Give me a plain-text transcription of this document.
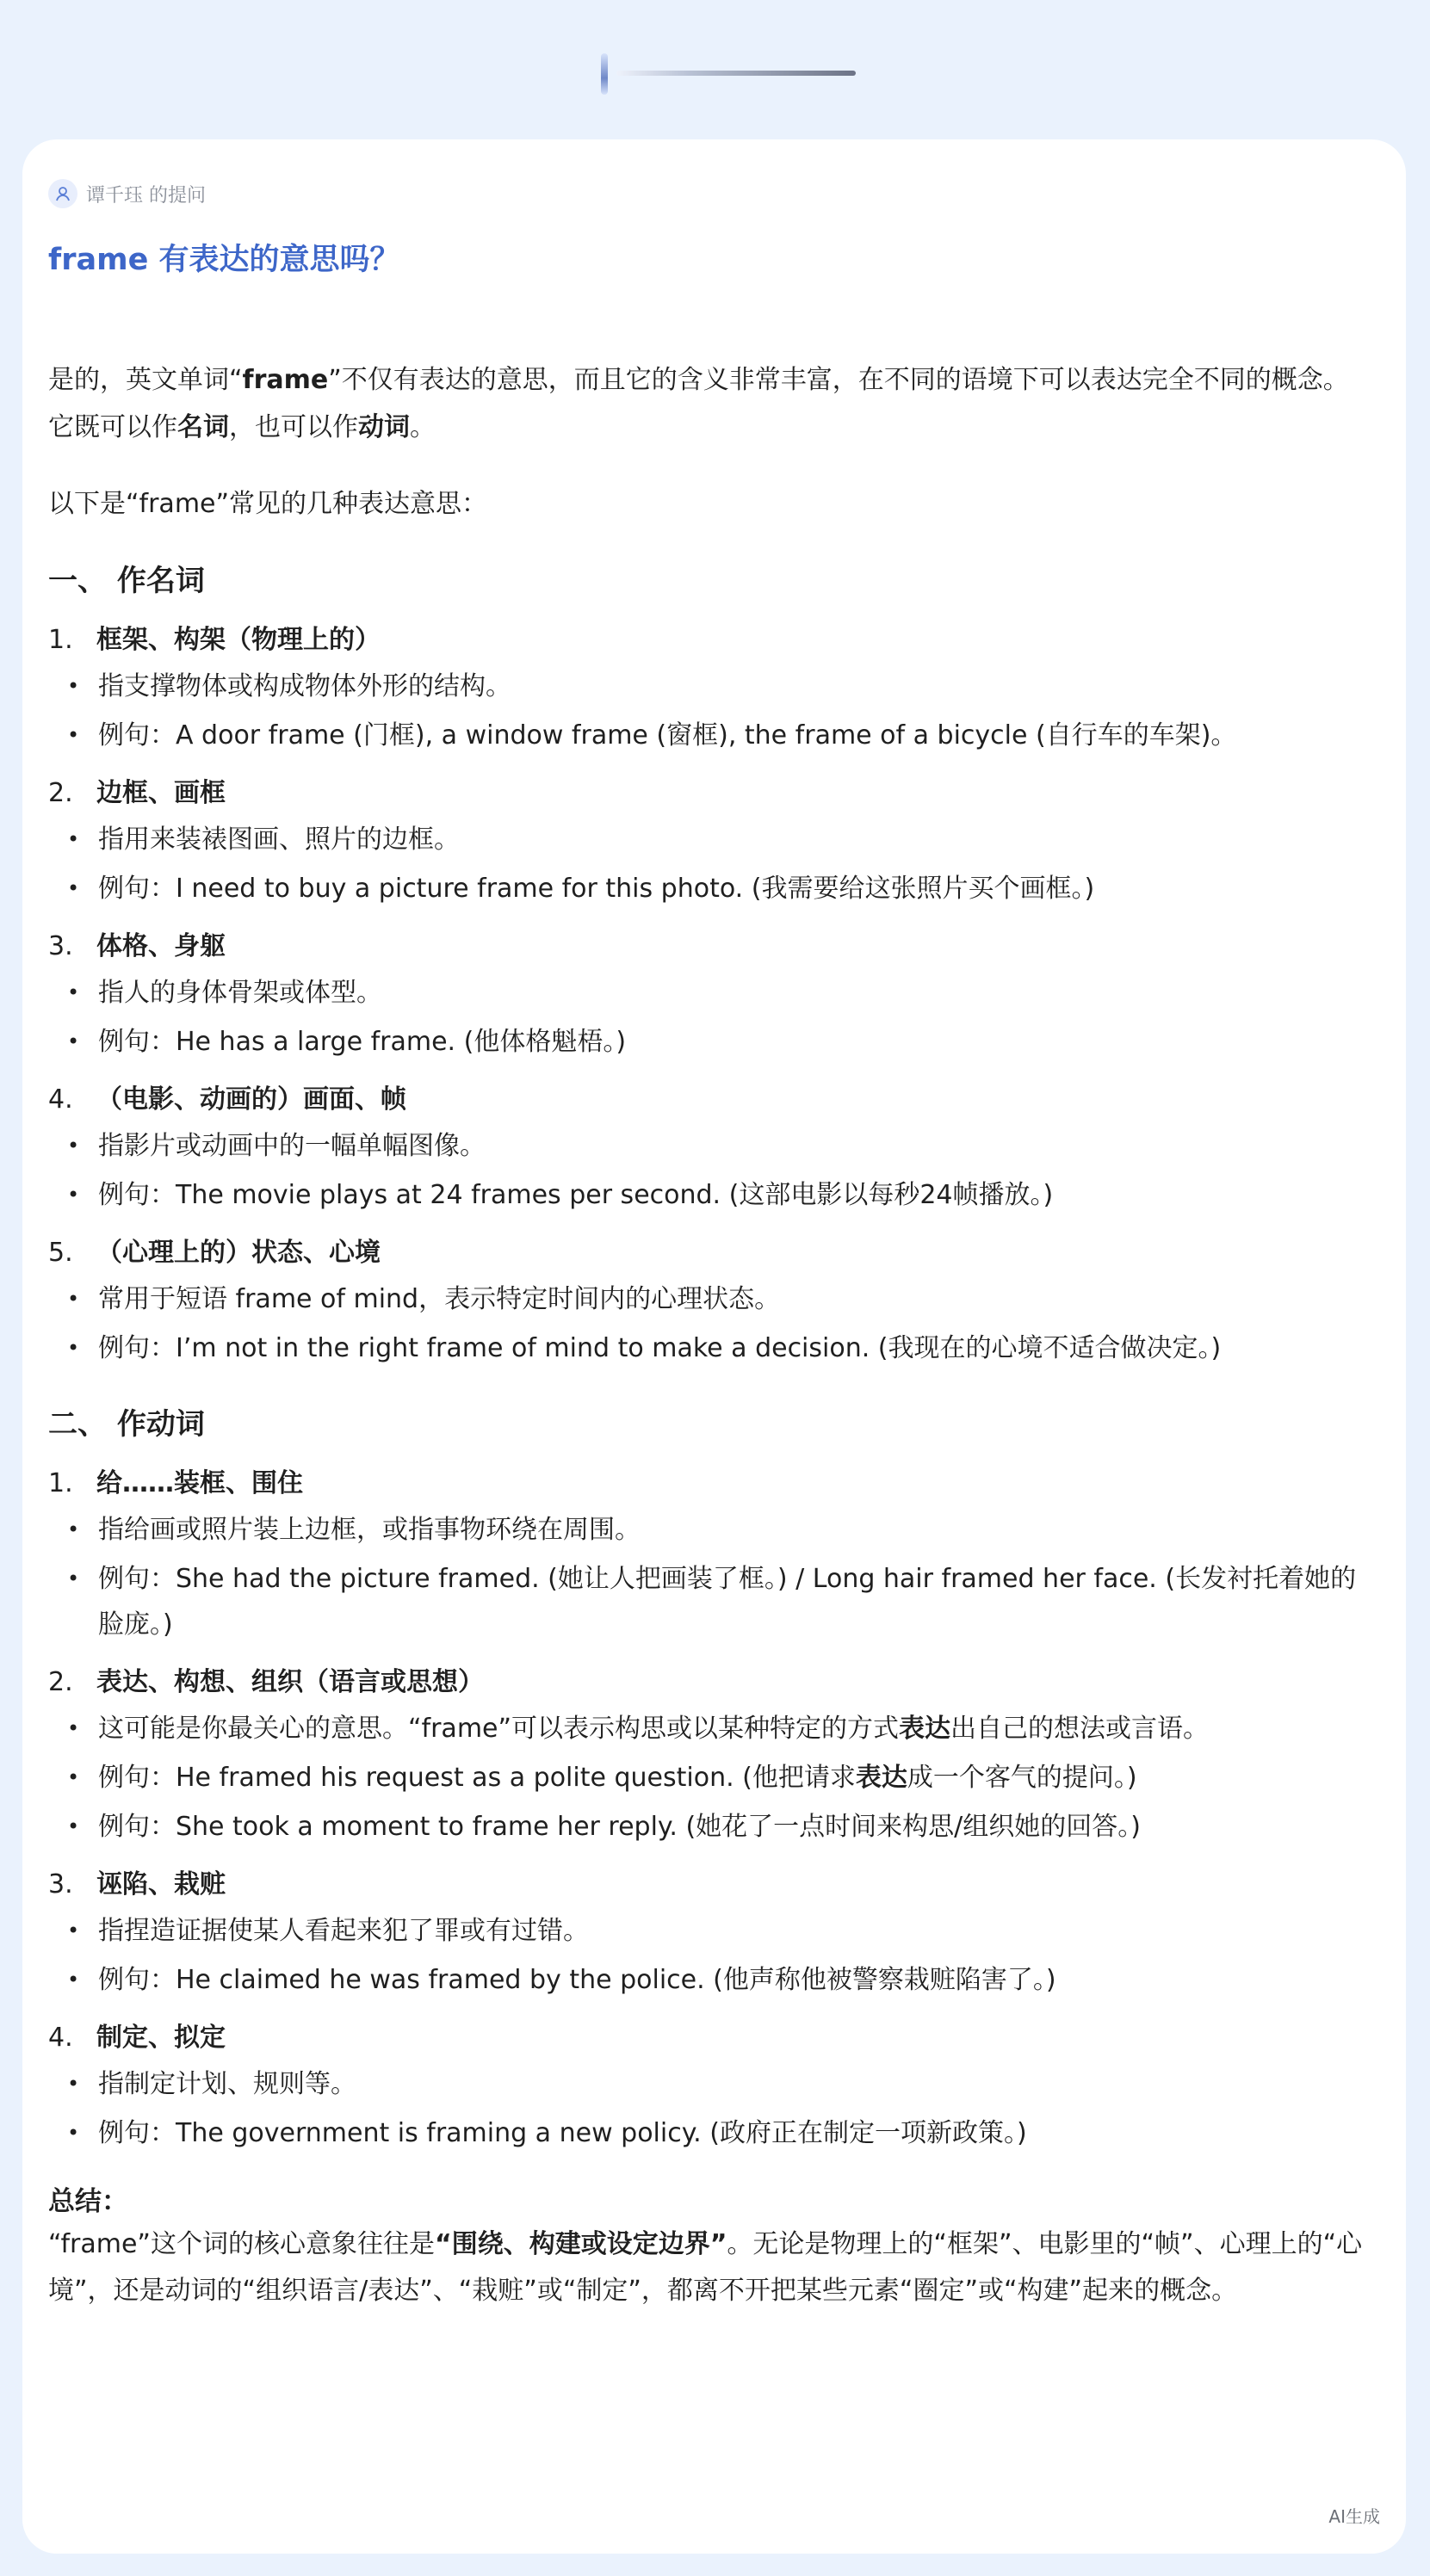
谭千珏 的提问
frame 有表达的意思吗？

是的，英文单词“frame”不仅有表达的意思，而且它的含义非常丰富，在不同的语境下可以表达完全不同的概念。它既可以作名词，也可以作动词。

以下是“frame”常见的几种表达意思：

一、 作名词
1. 框架、构架（物理上的）
• 指支撑物体或构成物体外形的结构。
• 例句：A door frame (门框), a window frame (窗框), the frame of a bicycle (自行车的车架)。
2. 边框、画框
• 指用来装裱图画、照片的边框。
• 例句：I need to buy a picture frame for this photo. (我需要给这张照片买个画框。)
3. 体格、身躯
• 指人的身体骨架或体型。
• 例句：He has a large frame. (他体格魁梧。)
4. （电影、动画的）画面、帧
• 指影片或动画中的一幅单幅图像。
• 例句：The movie plays at 24 frames per second. (这部电影以每秒24帧播放。)
5. （心理上的）状态、心境
• 常用于短语 frame of mind，表示特定时间内的心理状态。
• 例句：I’m not in the right frame of mind to make a decision. (我现在的心境不适合做决定。)
二、 作动词
1. 给……装框、围住
• 指给画或照片装上边框，或指事物环绕在周围。
• 例句：She had the picture framed. (她让人把画装了框。) / Long hair framed her face. (长发衬托着她的脸庞。)
2. 表达、构想、组织（语言或思想）
• 这可能是你最关心的意思。“frame”可以表示构思或以某种特定的方式表达出自己的想法或言语。
• 例句：He framed his request as a polite question. (他把请求表达成一个客气的提问。)
• 例句：She took a moment to frame her reply. (她花了一点时间来构思/组织她的回答。)
3. 诬陷、栽赃
• 指捏造证据使某人看起来犯了罪或有过错。
• 例句：He claimed he was framed by the police. (他声称他被警察栽赃陷害了。)
4. 制定、拟定
• 指制定计划、规则等。
• 例句：The government is framing a new policy. (政府正在制定一项新政策。)
总结：

“frame”这个词的核心意象往往是“围绕、构建或设定边界”。无论是物理上的“框架”、电影里的“帧”、心理上的“心境”，还是动词的“组织语言/表达”、“栽赃”或“制定”，都离不开把某些元素“圈定”或“构建”起来的概念。

AI生成
